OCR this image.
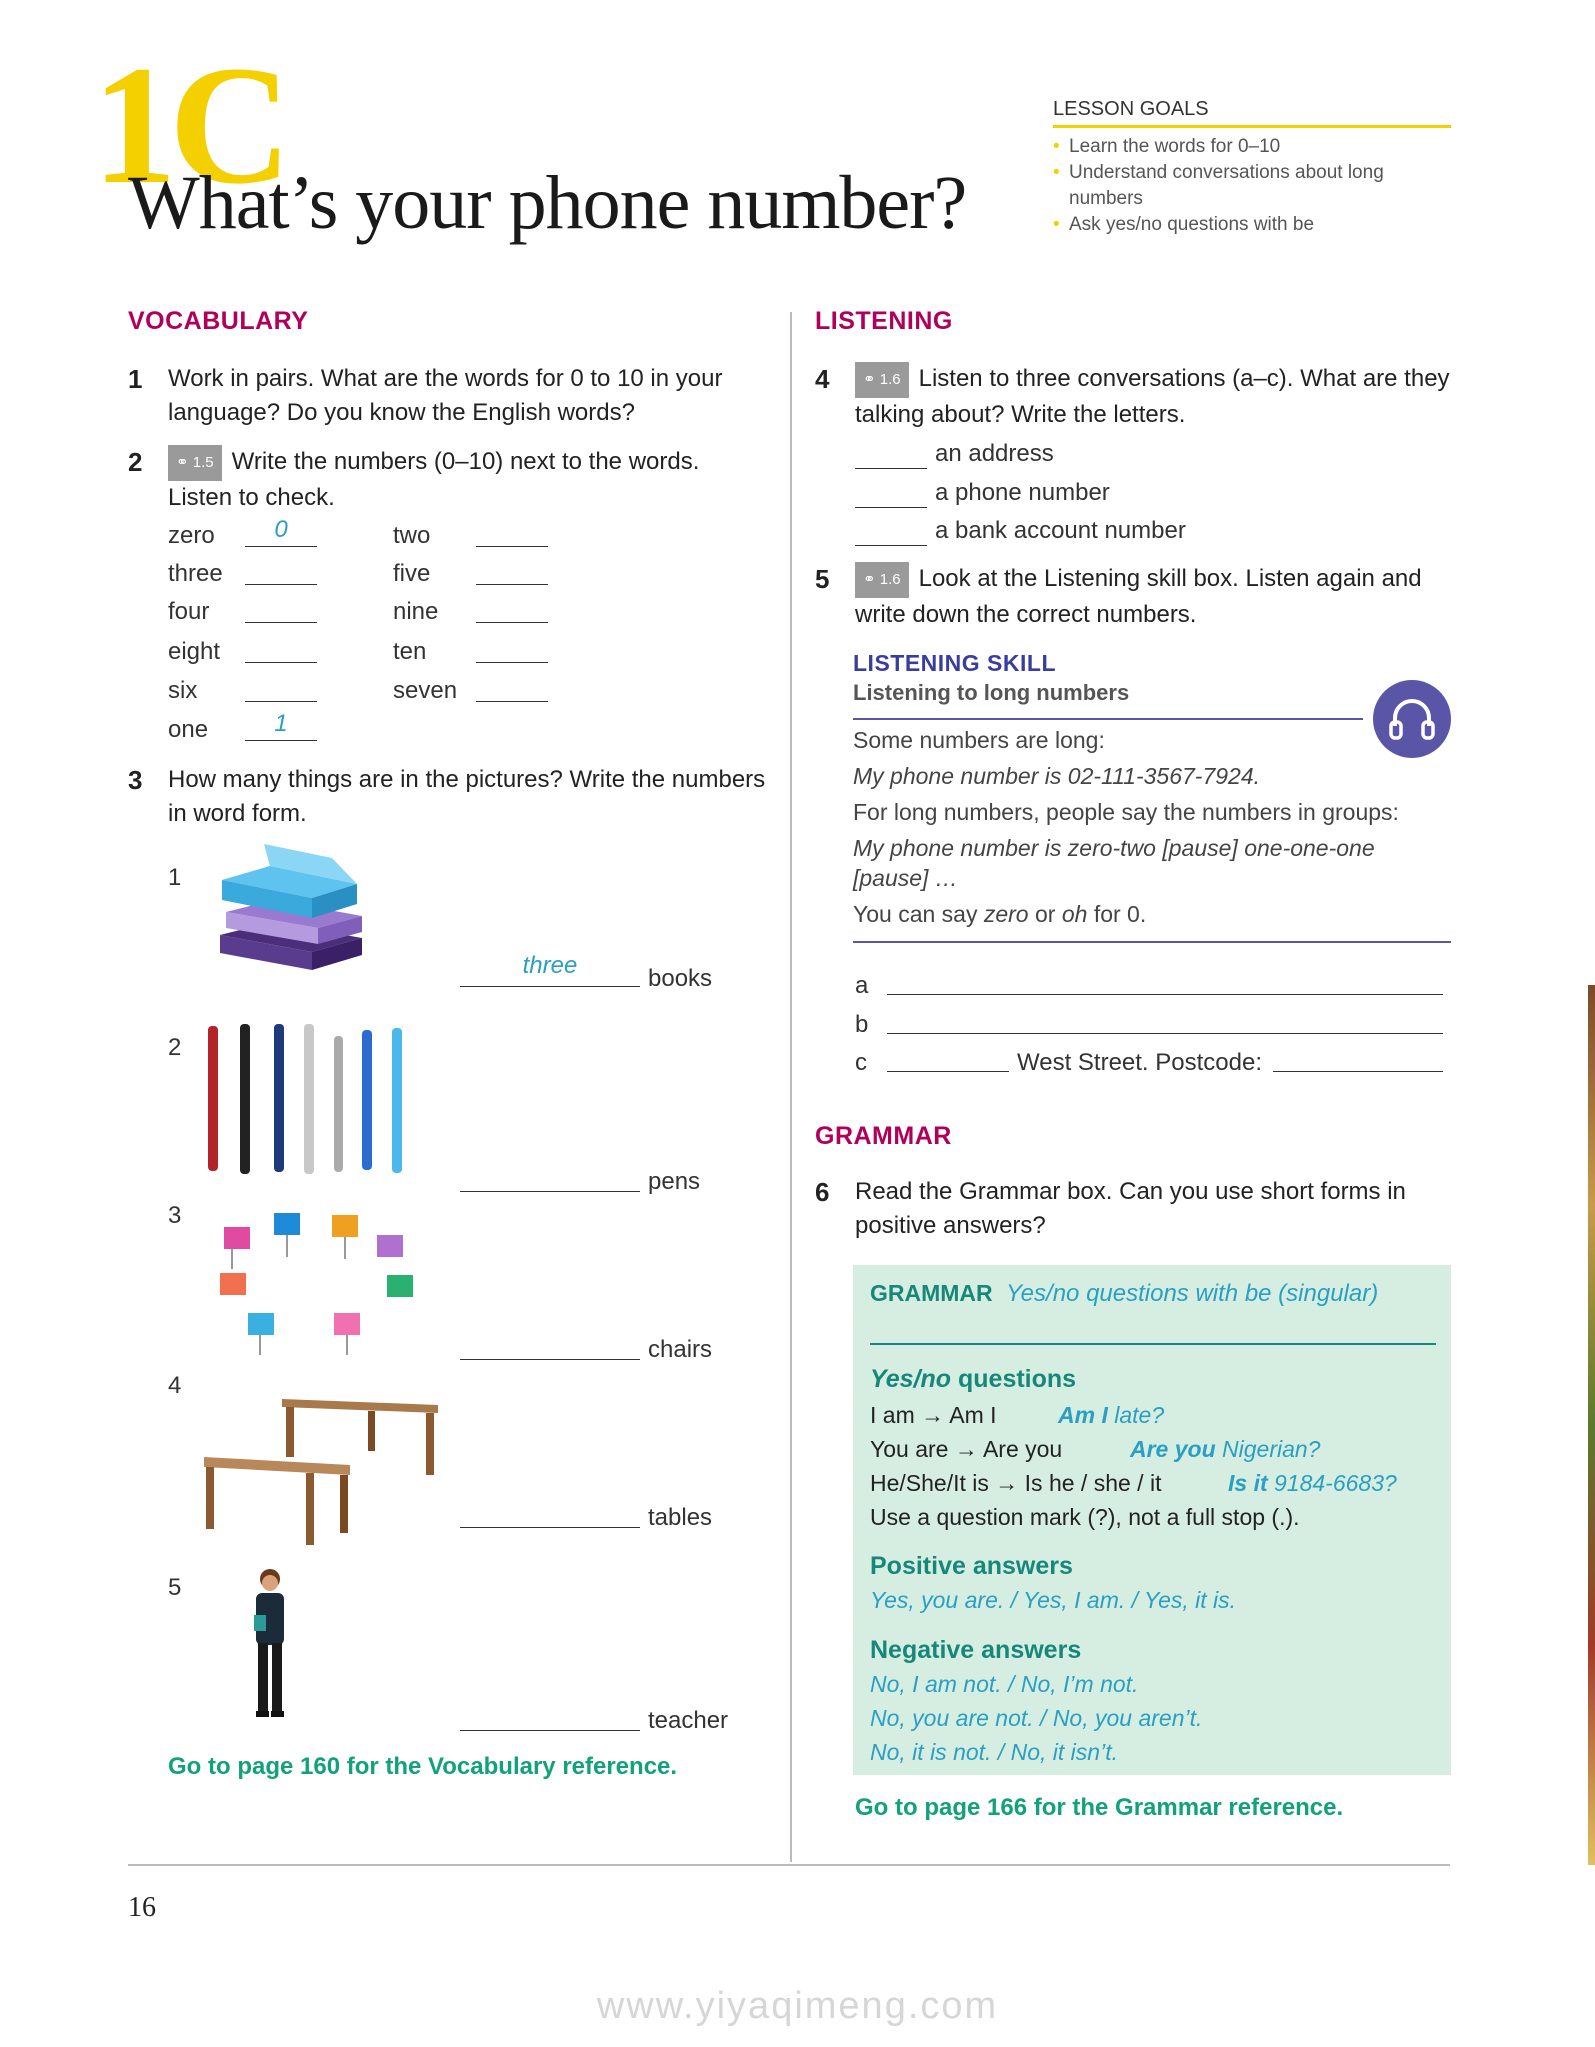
1C
What’s your phone number?
LESSON GOALS
• Learn the words for 0–10
• Understand conversations about long numbers
• Ask yes/no questions with be
VOCABULARY
1 Work in pairs. What are the words for 0 to 10 in your language? Do you know the English words?
2 ⚭ 1.5 Write the numbers (0–10) next to the words. Listen to check.
zero	0	two
three	five
four	nine
eight	ten
six	seven
one	1
3 How many things are in the pictures? Write the numbers in word form.
1
three	books
2
pens
3
chairs
4
tables
5
teacher
Go to page 160 for the Vocabulary reference.
LISTENING
4 ⚭ 1.6 Listen to three conversations (a–c). What are they talking about? Write the letters.
an address
a phone number
a bank account number
5 ⚭ 1.6 Look at the Listening skill box. Listen again and write down the correct numbers.
LISTENING SKILL
Listening to long numbers
Some numbers are long:
My phone number is 02-111-3567-7924.
For long numbers, people say the numbers in groups:
My phone number is zero-two [pause] one-one-one [pause] …
You can say zero or oh for 0.
a
b
c	West Street. Postcode:
GRAMMAR
6 Read the Grammar box. Can you use short forms in positive answers?
GRAMMAR Yes/no questions with be (singular)
Yes/no questions
I am → Am I	Am I late?
You are → Are you	Are you Nigerian?
He/She/It is → Is he / she / it	Is it 9184-6683?
Use a question mark (?), not a full stop (.).
Positive answers
Yes, you are. / Yes, I am. / Yes, it is.
Negative answers
No, I am not. / No, I’m not.
No, you are not. / No, you aren’t.
No, it is not. / No, it isn’t.
Go to page 166 for the Grammar reference.
16
www.yiyaqimeng.com
